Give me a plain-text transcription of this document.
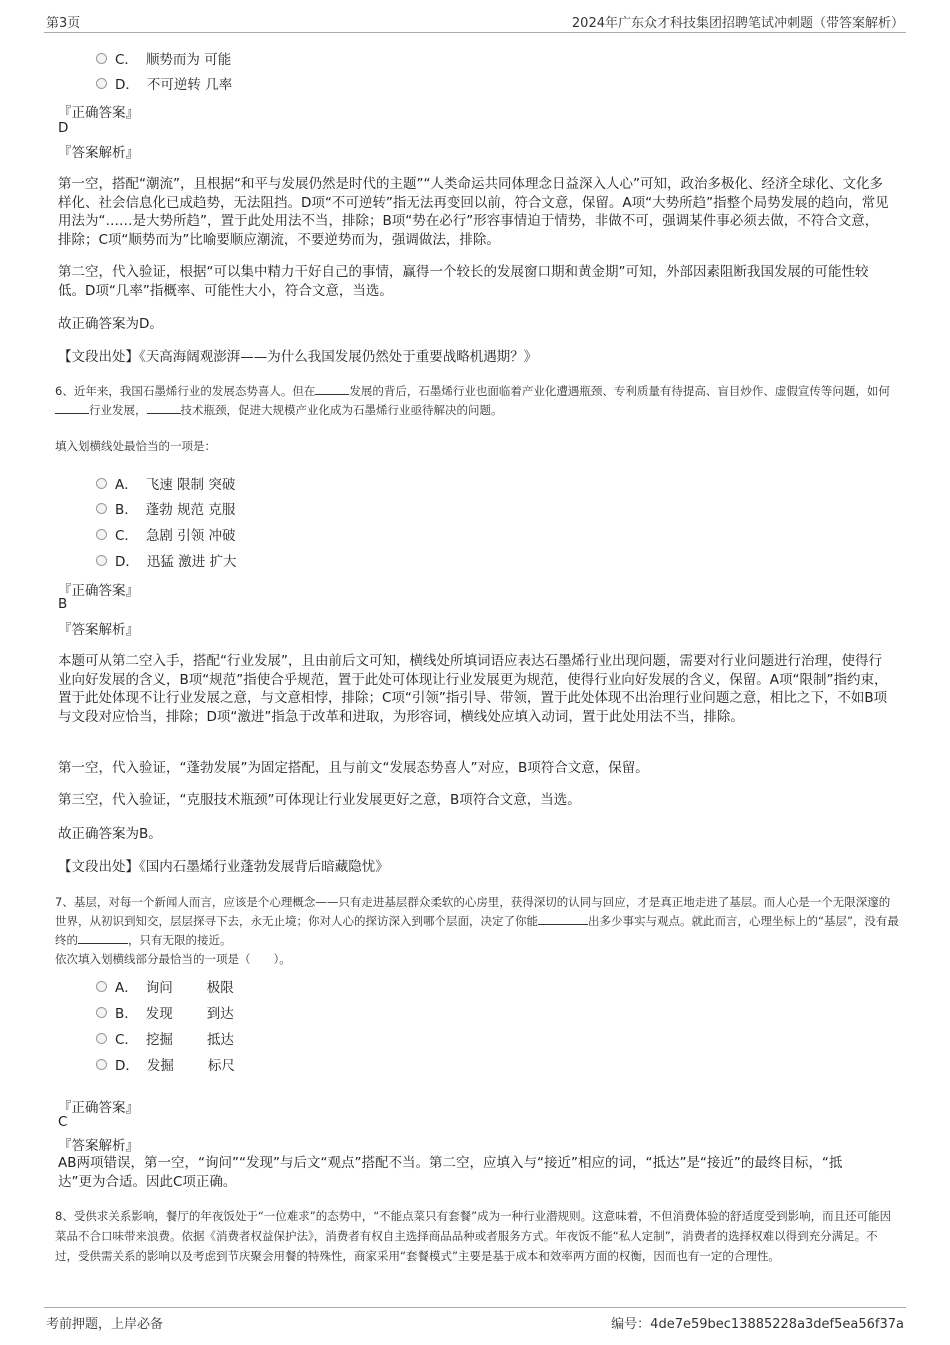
第3页	2024年广东众才科技集团招聘笔试冲刺题（带答案解析）
C． 顺势而为 可能
D． 不可逆转 几率
『正确答案』
D
『答案解析』
第一空，搭配“潮流”，且根据“和平与发展仍然是时代的主题”“人类命运共同体理念日益深入人心”可知，政治多极化、经济全球化、文化多样化、社会信息化已成趋势，无法阻挡。D项“不可逆转”指无法再变回以前，符合文意，保留。A项“大势所趋”指整个局势发展的趋向，常见用法为“……是大势所趋”，置于此处用法不当，排除；B项“势在必行”形容事情迫于情势，非做不可，强调某件事必须去做，不符合文意，排除；C项“顺势而为”比喻要顺应潮流，不要逆势而为，强调做法，排除。
第二空，代入验证，根据“可以集中精力干好自己的事情，赢得一个较长的发展窗口期和黄金期”可知，外部因素阻断我国发展的可能性较低。D项“几率”指概率、可能性大小，符合文意，当选。
故正确答案为D。
【文段出处】《天高海阔观澎湃——为什么我国发展仍然处于重要战略机遇期？》
6、近年来，我国石墨烯行业的发展态势喜人。但在	发展的背后，石墨烯行业也面临着产业化遭遇瓶颈、专利质量有待提高、盲目炒作、虚假宣传等问题，如何行业发展，	技术瓶颈，促进大规模产业化成为石墨烯行业亟待解决的问题。
填入划横线处最恰当的一项是：
A． 飞速 限制 突破
B． 蓬勃 规范 克服
C． 急剧 引领 冲破
D． 迅猛 激进 扩大
『正确答案』
B
『答案解析』
本题可从第二空入手，搭配“行业发展”，且由前后文可知，横线处所填词语应表达石墨烯行业出现问题，需要对行业问题进行治理，使得行业向好发展的含义，B项“规范”指使合乎规范，置于此处可体现让行业发展更为规范，使得行业向好发展的含义，保留。A项“限制”指约束，置于此处体现不让行业发展之意，与文意相悖，排除；C项“引领”指引导、带领，置于此处体现不出治理行业问题之意，相比之下，不如B项与文段对应恰当，排除；D项“激进”指急于改革和进取，为形容词，横线处应填入动词，置于此处用法不当，排除。
第一空，代入验证，“蓬勃发展”为固定搭配，且与前文“发展态势喜人”对应，B项符合文意，保留。
第三空，代入验证，“克服技术瓶颈”可体现让行业发展更好之意，B项符合文意，当选。
故正确答案为B。
【文段出处】《国内石墨烯行业蓬勃发展背后暗藏隐忧》
7、基层，对每一个新闻人而言，应该是个心理概念——只有走进基层群众柔软的心房里，获得深切的认同与回应，才是真正地走进了基层。而人心是一个无限深邃的世界，从初识到知交，层层探寻下去，永无止境；你对人心的探访深入到哪个层面，决定了你能	出多少事实与观点。就此而言，心理坐标上的“基层”，没有最终的	，只有无限的接近。
依次填入划横线部分最恰当的一项是（　　）。
A． 询问	极限
B． 发现	到达
C． 挖掘	抵达
D． 发掘	标尺
『正确答案』
C
『答案解析』
AB两项错误，第一空，“询问”“发现”与后文“观点”搭配不当。第二空，应填入与“接近”相应的词，“抵达”是“接近”的最终目标，“抵达”更为合适。因此C项正确。
8、受供求关系影响，餐厅的年夜饭处于“一位难求”的态势中，“不能点菜只有套餐”成为一种行业潜规则。这意味着，不但消费体验的舒适度受到影响，而且还可能因菜品不合口味带来浪费。依据《消费者权益保护法》，消费者有权自主选择商品品种或者服务方式。年夜饭不能“私人定制”，消费者的选择权难以得到充分满足。不过，受供需关系的影响以及考虑到节庆聚会用餐的特殊性，商家采用“套餐模式”主要是基于成本和效率两方面的权衡，因而也有一定的合理性。
考前押题，上岸必备	编号：4de7e59bec13885228a3def5ea56f37a
